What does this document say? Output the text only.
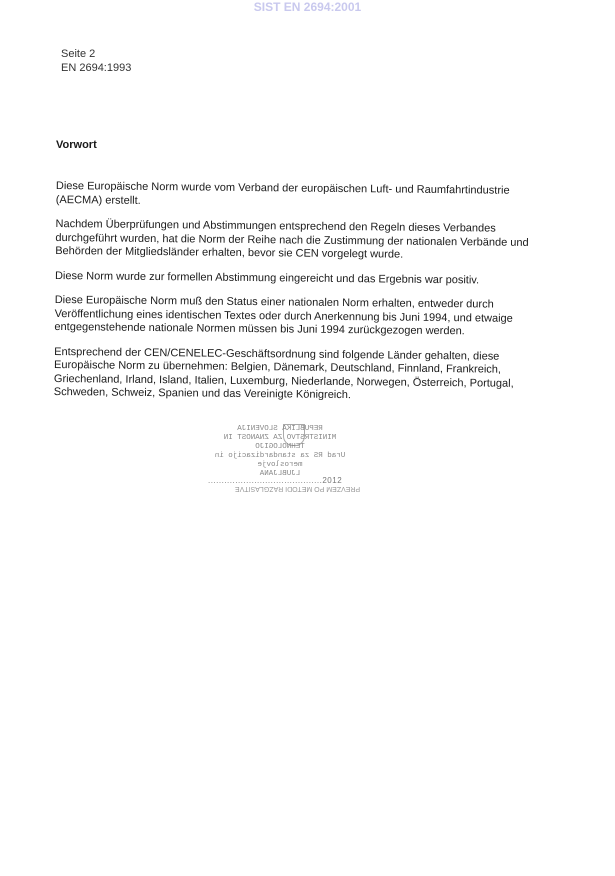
SIST EN 2694:2001
Seite 2
EN 2694:1993
Vorwort
Diese Europäische Norm wurde vom Verband der europäischen Luft- und Raumfahrtindustrie
(AECMA) erstellt.
Nachdem Überprüfungen und Abstimmungen entsprechend den Regeln dieses Verbandes
durchgeführt wurden, hat die Norm der Reihe nach die Zustimmung der nationalen Verbände und
Behörden der Mitgliedsländer erhalten, bevor sie CEN vorgelegt wurde.
Diese Norm wurde zur formellen Abstimmung eingereicht und das Ergebnis war positiv.
Diese Europäische Norm muß den Status einer nationalen Norm erhalten, entweder durch
Veröffentlichung eines identischen Textes oder durch Anerkennung bis Juni 1994, und etwaige
entgegenstehende nationale Normen müssen bis Juni 1994 zurückgezogen werden.
Entsprechend der CEN/CENELEC-Geschäftsordnung sind folgende Länder gehalten, diese
Europäische Norm zu übernehmen: Belgien, Dänemark, Deutschland, Finnland, Frankreich,
Griechenland, Irland, Island, Italien, Luxemburg, Niederlande, Norwegen, Österreich, Portugal,
Schweden, Schweiz, Spanien und das Vereinigte Königreich.
REPUBLIKA SLOVENIJA
MINISTRSTVO ZA ZNANOST IN TEHNOLOGIJO
Urad RS za standardizacijo in meroslovje
LJUBLJANA
..........................................2012
PREVZEM PO METODI RAZGLASITVE
